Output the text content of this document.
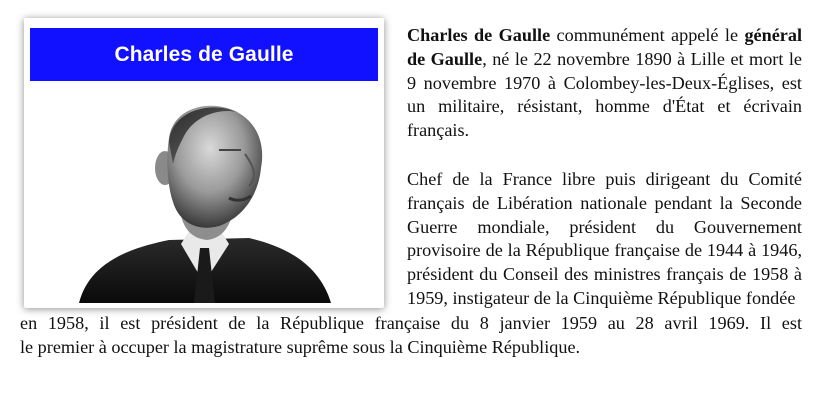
Charles de Gaulle

Charles de Gaulle communément appelé le général de Gaulle, né le 22 novembre 1890 à Lille et mort le 9 novembre 1970 à Colombey-les-Deux-Églises, est un militaire, résistant, homme d'État et écrivain français.

Chef de la France libre puis dirigeant du Comité français de Libération nationale pendant la Seconde Guerre mondiale, président du Gouvernement provisoire de la République française de 1944 à 1946, président du Conseil des ministres français de 1958 à 1959, instigateur de la Cinquième République fondée

en 1958, il est président de la République française du 8 janvier 1959 au 28 avril 1969. Il est
le premier à occuper la magistrature suprême sous la Cinquième République.
